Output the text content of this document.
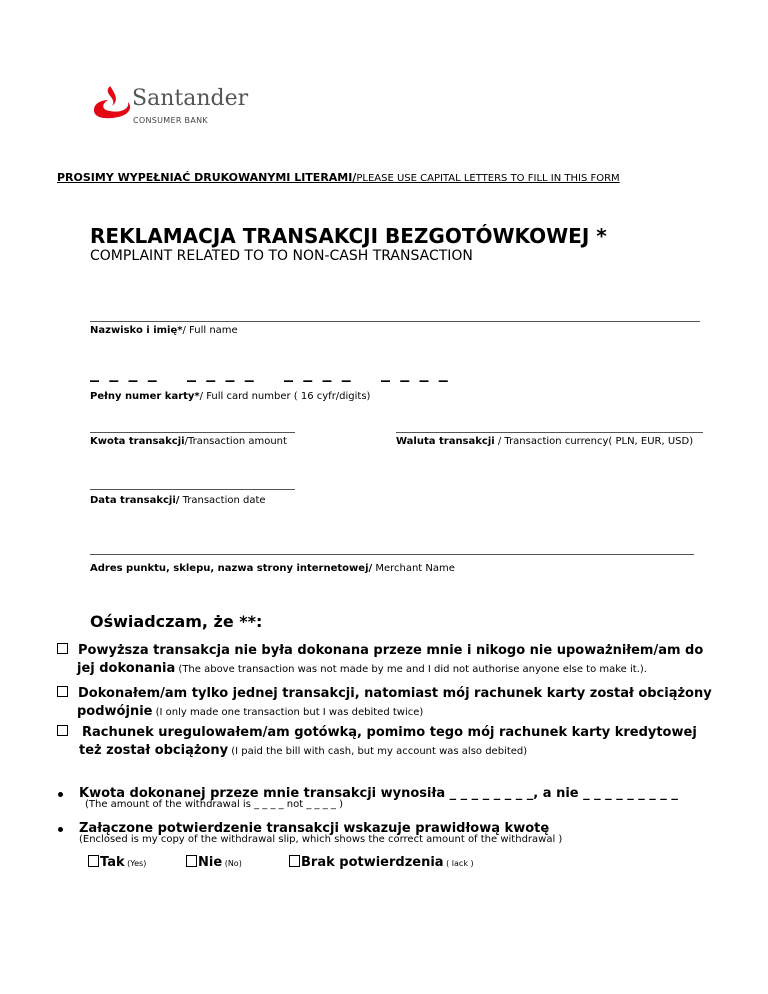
Santander
CONSUMER BANK
PROSIMY WYPEŁNIAĆ DRUKOWANYMI LITERAMI/PLEASE USE CAPITAL LETTERS TO FILL IN THIS FORM
REKLAMACJA TRANSAKCJI BEZGOTÓWKOWEJ *
COMPLAINT RELATED TO TO NON-CASH TRANSACTION
Nazwisko i imię*/ Full name
_ _ _ _ _ _ _ _ _ _ _ _ _ _ _ _
Pełny numer karty*/ Full card number ( 16 cyfr/digits)
Kwota transakcji/Transaction amount	Waluta transakcji / Transaction currency( PLN, EUR, USD)
Data transakcji/ Transaction date
Adres punktu, sklepu, nazwa strony internetowej/ Merchant Name
Oświadczam, że **:
Powyższa transakcja nie była dokonana przeze mnie i nikogo nie upoważniłem/am do
jej dokonania (The above transaction was not made by me and I did not authorise anyone else to make it.).
Dokonałem/am tylko jednej transakcji, natomiast mój rachunek karty został obciążony
podwójnie (I only made one transaction but I was debited twice)
Rachunek uregulowałem/am gotówką, pomimo tego mój rachunek karty kredytowej
też został obciążony (I paid the bill with cash, but my account was also debited)
Kwota dokonanej przeze mnie transakcji wynosiła _ _ _ _ _ _ _ _, a nie _ _ _ _ _ _ _ _ _
(The amount of the withdrawal is _ _ _ _ not _ _ _ _ )
Załączone potwierdzenie transakcji wskazuje prawidłową kwotę
(Enclosed is my copy of the withdrawal slip, which shows the correct amount of the withdrawal )
Tak (Yes)	Nie (No)	Brak potwierdzenia ( lack )
